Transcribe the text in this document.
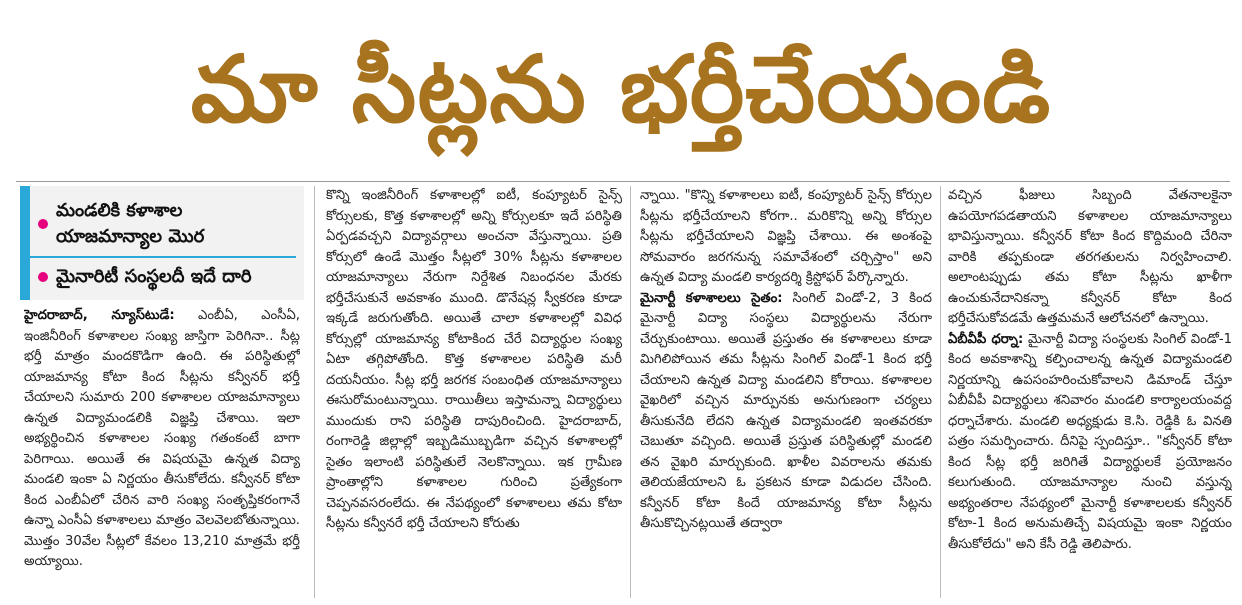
మా సీట్లను భర్తీచేయండి
మండలికి కళాశాల యాజమాన్యాల మొర
మైనారిటీ సంస్థలదీ ఇదే దారి

హైదరాబాద్, న్యూస్‌టుడే: ఎంబీఏ, ఎంసీఏ, ఇంజినీరింగ్ కళాశాలల సంఖ్య జాస్తిగా పెరిగినా.. సీట్ల భర్తీ మాత్రం మందకొడిగా ఉంది. ఈ పరిస్థితుల్లో యాజమాన్య కోటా కింద సీట్లను కన్వీనర్ భర్తీ చేయాలని సుమారు 200 కళాశాలల యాజమాన్యాలు ఉన్నత విద్యామండలికి విజ్ఞప్తి చేశాయి. ఇలా అభ్యర్థించిన కళాశాలల సంఖ్య గతంకంటే బాగా పెరిగాయి. అయితే ఈ విషయమై ఉన్నత విద్యా మండలి ఇంకా ఏ నిర్ణయం తీసుకోలేదు. కన్వీనర్ కోటా కింద ఎంబీఏలో చేరిన వారి సంఖ్య సంతృప్తికరంగానే ఉన్నా ఎంసీఏ కళాశాలలు మాత్రం వెలవెలబోతున్నాయి. మొత్తం 30వేల సీట్లలో కేవలం 13,210 మాత్రమే భర్తీ అయ్యాయి.

కొన్ని ఇంజినీరింగ్ కళాశాలల్లో ఐటీ, కంప్యూటర్ సైన్స్ కోర్సులకు, కొత్త కళాశాలల్లో అన్ని కోర్సులకూ ఇదే పరిస్థితి ఏర్పడవచ్చని విద్యావర్గాలు అంచనా వేస్తున్నాయి. ప్రతి కోర్సులో ఉండే మొత్తం సీట్లలో 30% సీట్లను కళాశాలల యాజమాన్యాలు నేరుగా నిర్దేశిత నిబంధనల మేరకు భర్తీచేసుకునే అవకాశం ముంది. డొనేషన్ల స్వీకరణ కూడా ఇక్కడే జరుగుతోంది. అయితే చాలా కళాశాలల్లో వివిధ కోర్సుల్లో యాజమాన్య కోటాకింద చేరే విద్యార్థుల సంఖ్య ఏటా తగ్గిపోతోంది. కొత్త కళాశాలల పరిస్థితి మరీ దయనీయం. సీట్ల భర్తీ జరగక సంబంధిత యాజమాన్యాలు ఈసురోమంటున్నాయి. రాయితీలు ఇస్తామన్నా విద్యార్థులు ముందుకు రాని పరిస్థితి దాపురించింది. హైదరాబాద్, రంగారెడ్డి జిల్లాల్లో ఇబ్బడిముబ్బడిగా వచ్చిన కళాశాలల్లో సైతం ఇలాంటి పరిస్థితులే నెలకొన్నాయి. ఇక గ్రామీణ ప్రాంతాల్లోని కళాశాలల గురించి ప్రత్యేకంగా చెప్పనవసరంలేదు. ఈ నేపథ్యంలో కళాశాలలు తమ కోటా సీట్లను కన్వీనరే భర్తీ చేయాలని కోరుతు

న్నాయి. "కొన్ని కళాశాలలు ఐటీ, కంప్యూటర్ సైన్స్ కోర్సుల సీట్లను భర్తీచేయాలని కోరగా.. మరికొన్ని అన్ని కోర్సుల సీట్లను భర్తీచేయాలని విజ్ఞప్తి చేశాయి. ఈ అంశంపై సోమవారం జరగనున్న సమావేశంలో చర్చిస్తాం" అని ఉన్నత విద్యా మండలి కార్యదర్శి క్రిస్టోఫర్ పేర్కొన్నారు.

మైనార్టీ కళాశాలలు సైతం: సింగిల్ విండో-2, 3 కింద మైనార్టీ విద్యా సంస్థలు విద్యార్థులను నేరుగా చేర్చుకుంటాయి. అయితే ప్రస్తుతం ఈ కళాశాలలు కూడా మిగిలిపోయిన తమ సీట్లను సింగిల్ విండో-1 కింద భర్తీ చేయాలని ఉన్నత విద్యా మండలిని కోరాయి. కళాశాలల వైఖరిలో వచ్చిన మార్పునకు అనుగుణంగా చర్యలు తీసుకునేది లేదని ఉన్నత విద్యామండలి ఇంతవరకూ చెబుతూ వచ్చింది. అయితే ప్రస్తుత పరిస్థితుల్లో మండలి తన వైఖరి మార్చుకుంది. ఖాళీల వివరాలను తమకు తెలియజేయాలని ఓ ప్రకటన కూడా విడుదల చేసింది. కన్వీనర్ కోటా కిందే యాజమాన్య కోటా సీట్లను తీసుకొచ్చినట్లయితే తద్వారా

వచ్చిన ఫీజులు సిబ్బంది వేతనాలకైనా ఉపయోగపడతాయని కళాశాలల యాజమాన్యాలు భావిస్తున్నాయి. కన్వీనర్ కోటా కింద కొద్దిమంది చేరినా వారికి తప్పకుండా తరగతులను నిర్వహించాలి. అలాంటప్పుడు తమ కోటా సీట్లను ఖాళీగా ఉంచుకునేదానికన్నా కన్వీనర్ కోటా కింద భర్తీచేసుకోవడమే ఉత్తమమనే ఆలోచనలో ఉన్నాయి.

ఏబీవీపీ ధర్నా: మైనార్టీ విద్యా సంస్థలకు సింగిల్ విండో-1 కింద అవకాశాన్ని కల్పించాలన్న ఉన్నత విద్యామండలి నిర్ణయాన్ని ఉపసంహరించుకోవాలని డిమాండ్ చేస్తూ ఏబీవీపీ విద్యార్థులు శనివారం మండలి కార్యాలయంవద్ద ధర్నాచేశారు. మండలి అధ్యక్షుడు కె.సి. రెడ్డికి ఓ వినతి పత్రం సమర్పించారు. దీనిపై స్పందిస్తూ.. "కన్వీనర్ కోటా కింద సీట్ల భర్తీ జరిగితే విద్యార్థులకే ప్రయోజనం కలుగుతుంది. యాజమాన్యాల నుంచి వస్తున్న అభ్యంతరాల నేపథ్యంలో మైనార్టీ కళాశాలలకు కన్వీనర్ కోటా-1 కింద అనుమతిచ్చే విషయమై ఇంకా నిర్ణయం తీసుకోలేదు" అని కేసీ రెడ్డి తెలిపారు.
